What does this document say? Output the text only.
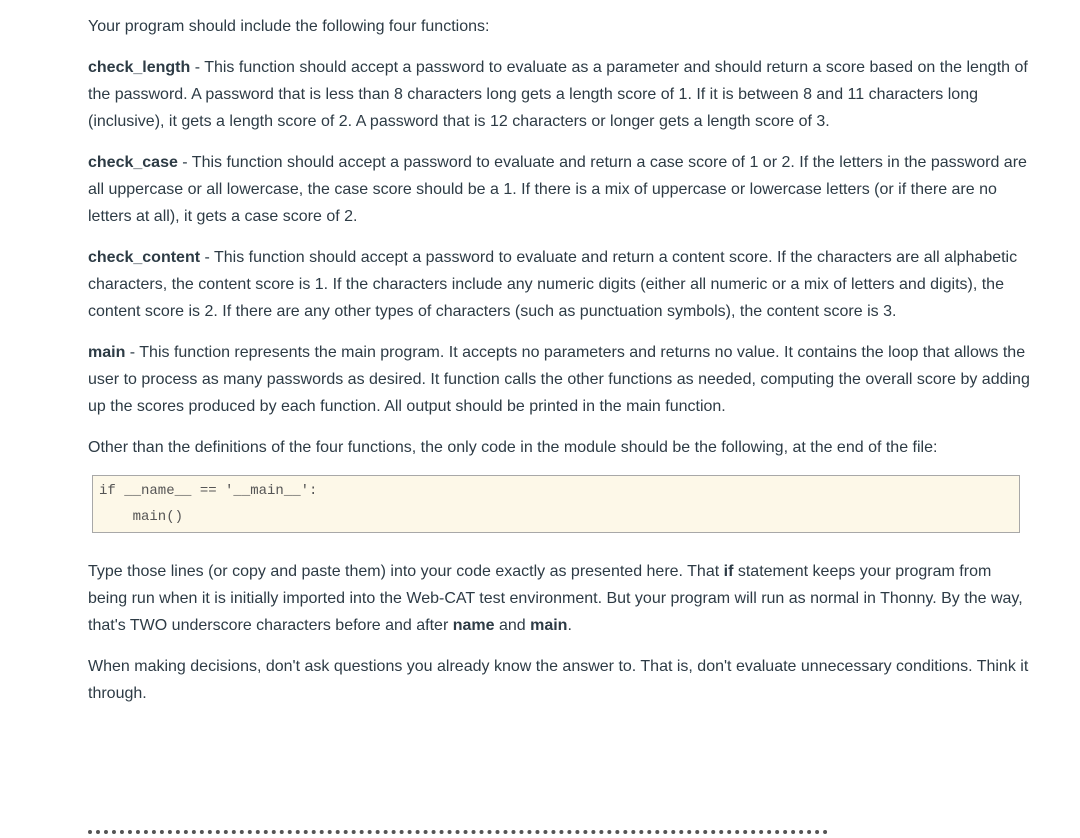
Your program should include the following four functions:

check_length - This function should accept a password to evaluate as a parameter and should return a score based on the length of the password. A password that is less than 8 characters long gets a length score of 1. If it is between 8 and 11 characters long (inclusive), it gets a length score of 2. A password that is 12 characters or longer gets a length score of 3.

check_case - This function should accept a password to evaluate and return a case score of 1 or 2. If the letters in the password are all uppercase or all lowercase, the case score should be a 1. If there is a mix of uppercase or lowercase letters (or if there are no letters at all), it gets a case score of 2.

check_content - This function should accept a password to evaluate and return a content score. If the characters are all alphabetic characters, the content score is 1. If the characters include any numeric digits (either all numeric or a mix of letters and digits), the content score is 2. If there are any other types of characters (such as punctuation symbols), the content score is 3.

main - This function represents the main program. It accepts no parameters and returns no value. It contains the loop that allows the user to process as many passwords as desired. It function calls the other functions as needed, computing the overall score by adding up the scores produced by each function. All output should be printed in the main function.

Other than the definitions of the four functions, the only code in the module should be the following, at the end of the file:

if __name__ == '__main__':
main()

Type those lines (or copy and paste them) into your code exactly as presented here. That if statement keeps your program from being run when it is initially imported into the Web-CAT test environment. But your program will run as normal in Thonny. By the way, that's TWO underscore characters before and after name and main.

When making decisions, don't ask questions you already know the answer to. That is, don't evaluate unnecessary conditions. Think it through.
